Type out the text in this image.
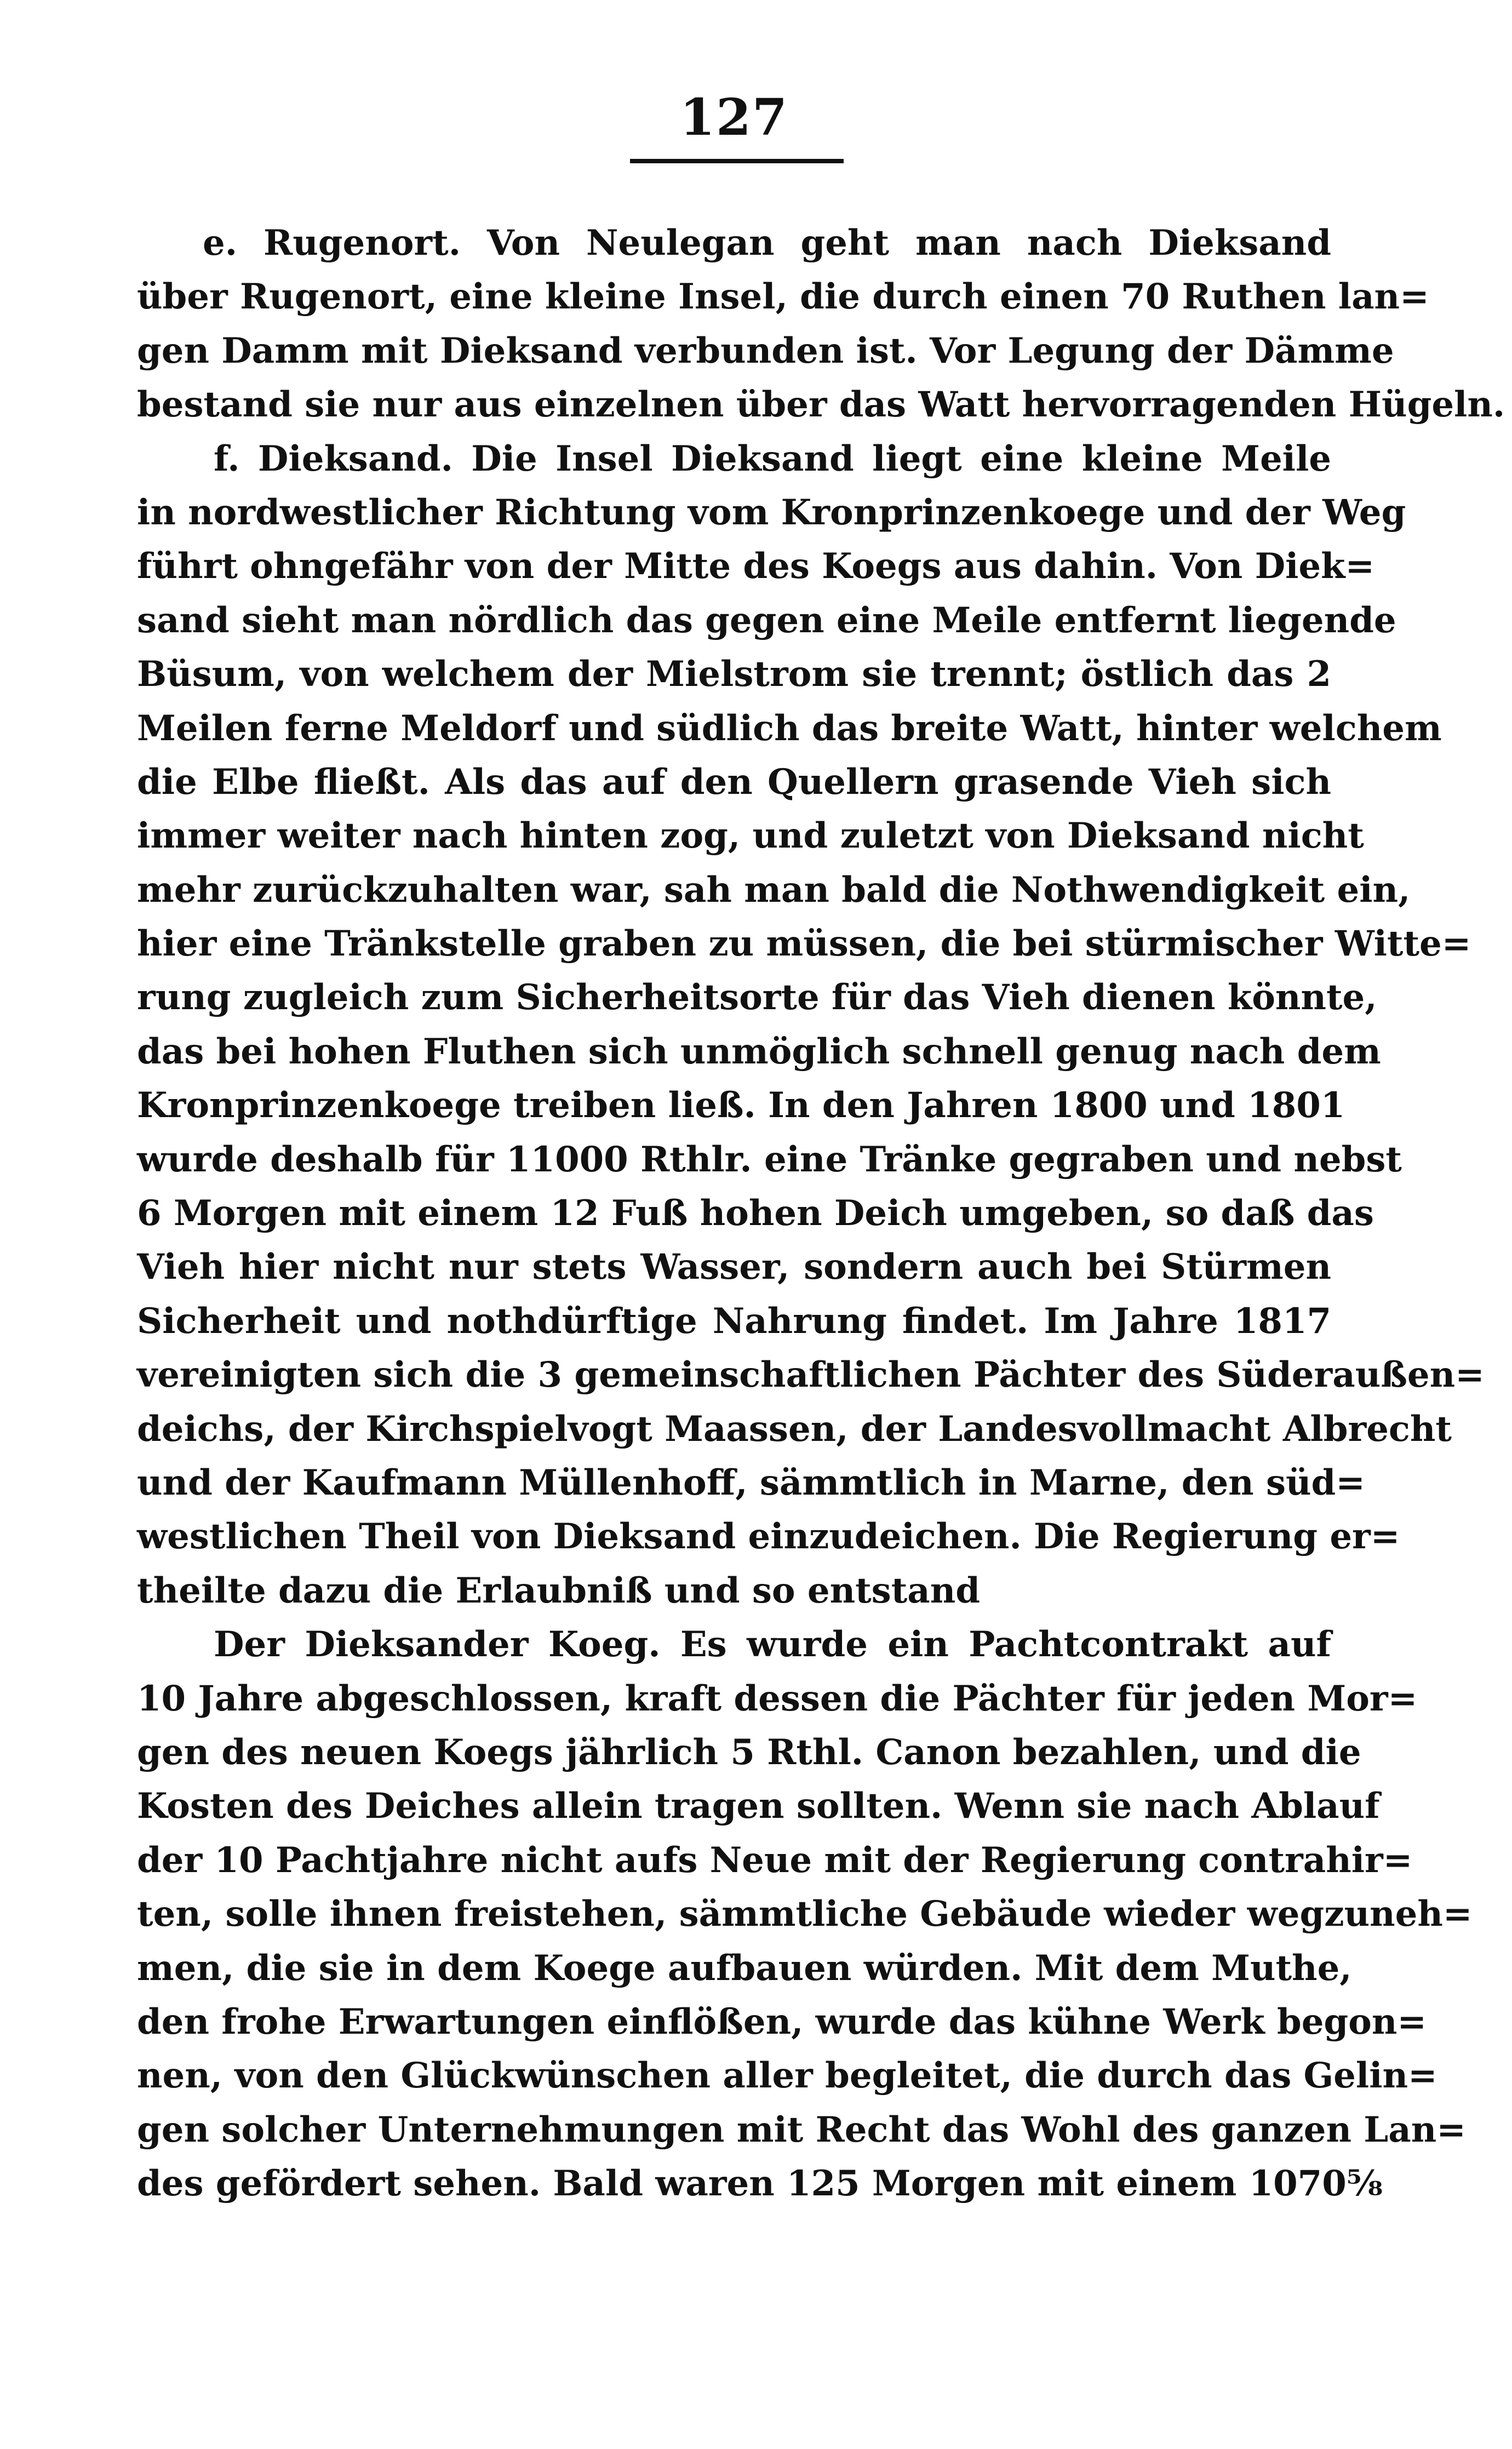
127
e. Rugenort. Von Neulegan geht man nach Dieksand
über Rugenort, eine kleine Insel, die durch einen 70 Ruthen lan=
gen Damm mit Dieksand verbunden ist. Vor Legung der Dämme
bestand sie nur aus einzelnen über das Watt hervorragenden Hügeln.
f. Dieksand. Die Insel Dieksand liegt eine kleine Meile
in nordwestlicher Richtung vom Kronprinzenkoege und der Weg
führt ohngefähr von der Mitte des Koegs aus dahin. Von Diek=
sand sieht man nördlich das gegen eine Meile entfernt liegende
Büsum, von welchem der Mielstrom sie trennt; östlich das 2
Meilen ferne Meldorf und südlich das breite Watt, hinter welchem
die Elbe fließt. Als das auf den Quellern grasende Vieh sich
immer weiter nach hinten zog, und zuletzt von Dieksand nicht
mehr zurückzuhalten war, sah man bald die Nothwendigkeit ein,
hier eine Tränkstelle graben zu müssen, die bei stürmischer Witte=
rung zugleich zum Sicherheitsorte für das Vieh dienen könnte,
das bei hohen Fluthen sich unmöglich schnell genug nach dem
Kronprinzenkoege treiben ließ. In den Jahren 1800 und 1801
wurde deshalb für 11000 Rthlr. eine Tränke gegraben und nebst
6 Morgen mit einem 12 Fuß hohen Deich umgeben, so daß das
Vieh hier nicht nur stets Wasser, sondern auch bei Stürmen
Sicherheit und nothdürftige Nahrung findet. Im Jahre 1817
vereinigten sich die 3 gemeinschaftlichen Pächter des Süderaußen=
deichs, der Kirchspielvogt Maassen, der Landesvollmacht Albrecht
und der Kaufmann Müllenhoff, sämmtlich in Marne, den süd=
westlichen Theil von Dieksand einzudeichen. Die Regierung er=
theilte dazu die Erlaubniß und so entstand
Der Dieksander Koeg. Es wurde ein Pachtcontrakt auf
10 Jahre abgeschlossen, kraft dessen die Pächter für jeden Mor=
gen des neuen Koegs jährlich 5 Rthl. Canon bezahlen, und die
Kosten des Deiches allein tragen sollten. Wenn sie nach Ablauf
der 10 Pachtjahre nicht aufs Neue mit der Regierung contrahir=
ten, solle ihnen freistehen, sämmtliche Gebäude wieder wegzuneh=
men, die sie in dem Koege aufbauen würden. Mit dem Muthe,
den frohe Erwartungen einflößen, wurde das kühne Werk begon=
nen, von den Glückwünschen aller begleitet, die durch das Gelin=
gen solcher Unternehmungen mit Recht das Wohl des ganzen Lan=
des gefördert sehen. Bald waren 125 Morgen mit einem 1070⅝
